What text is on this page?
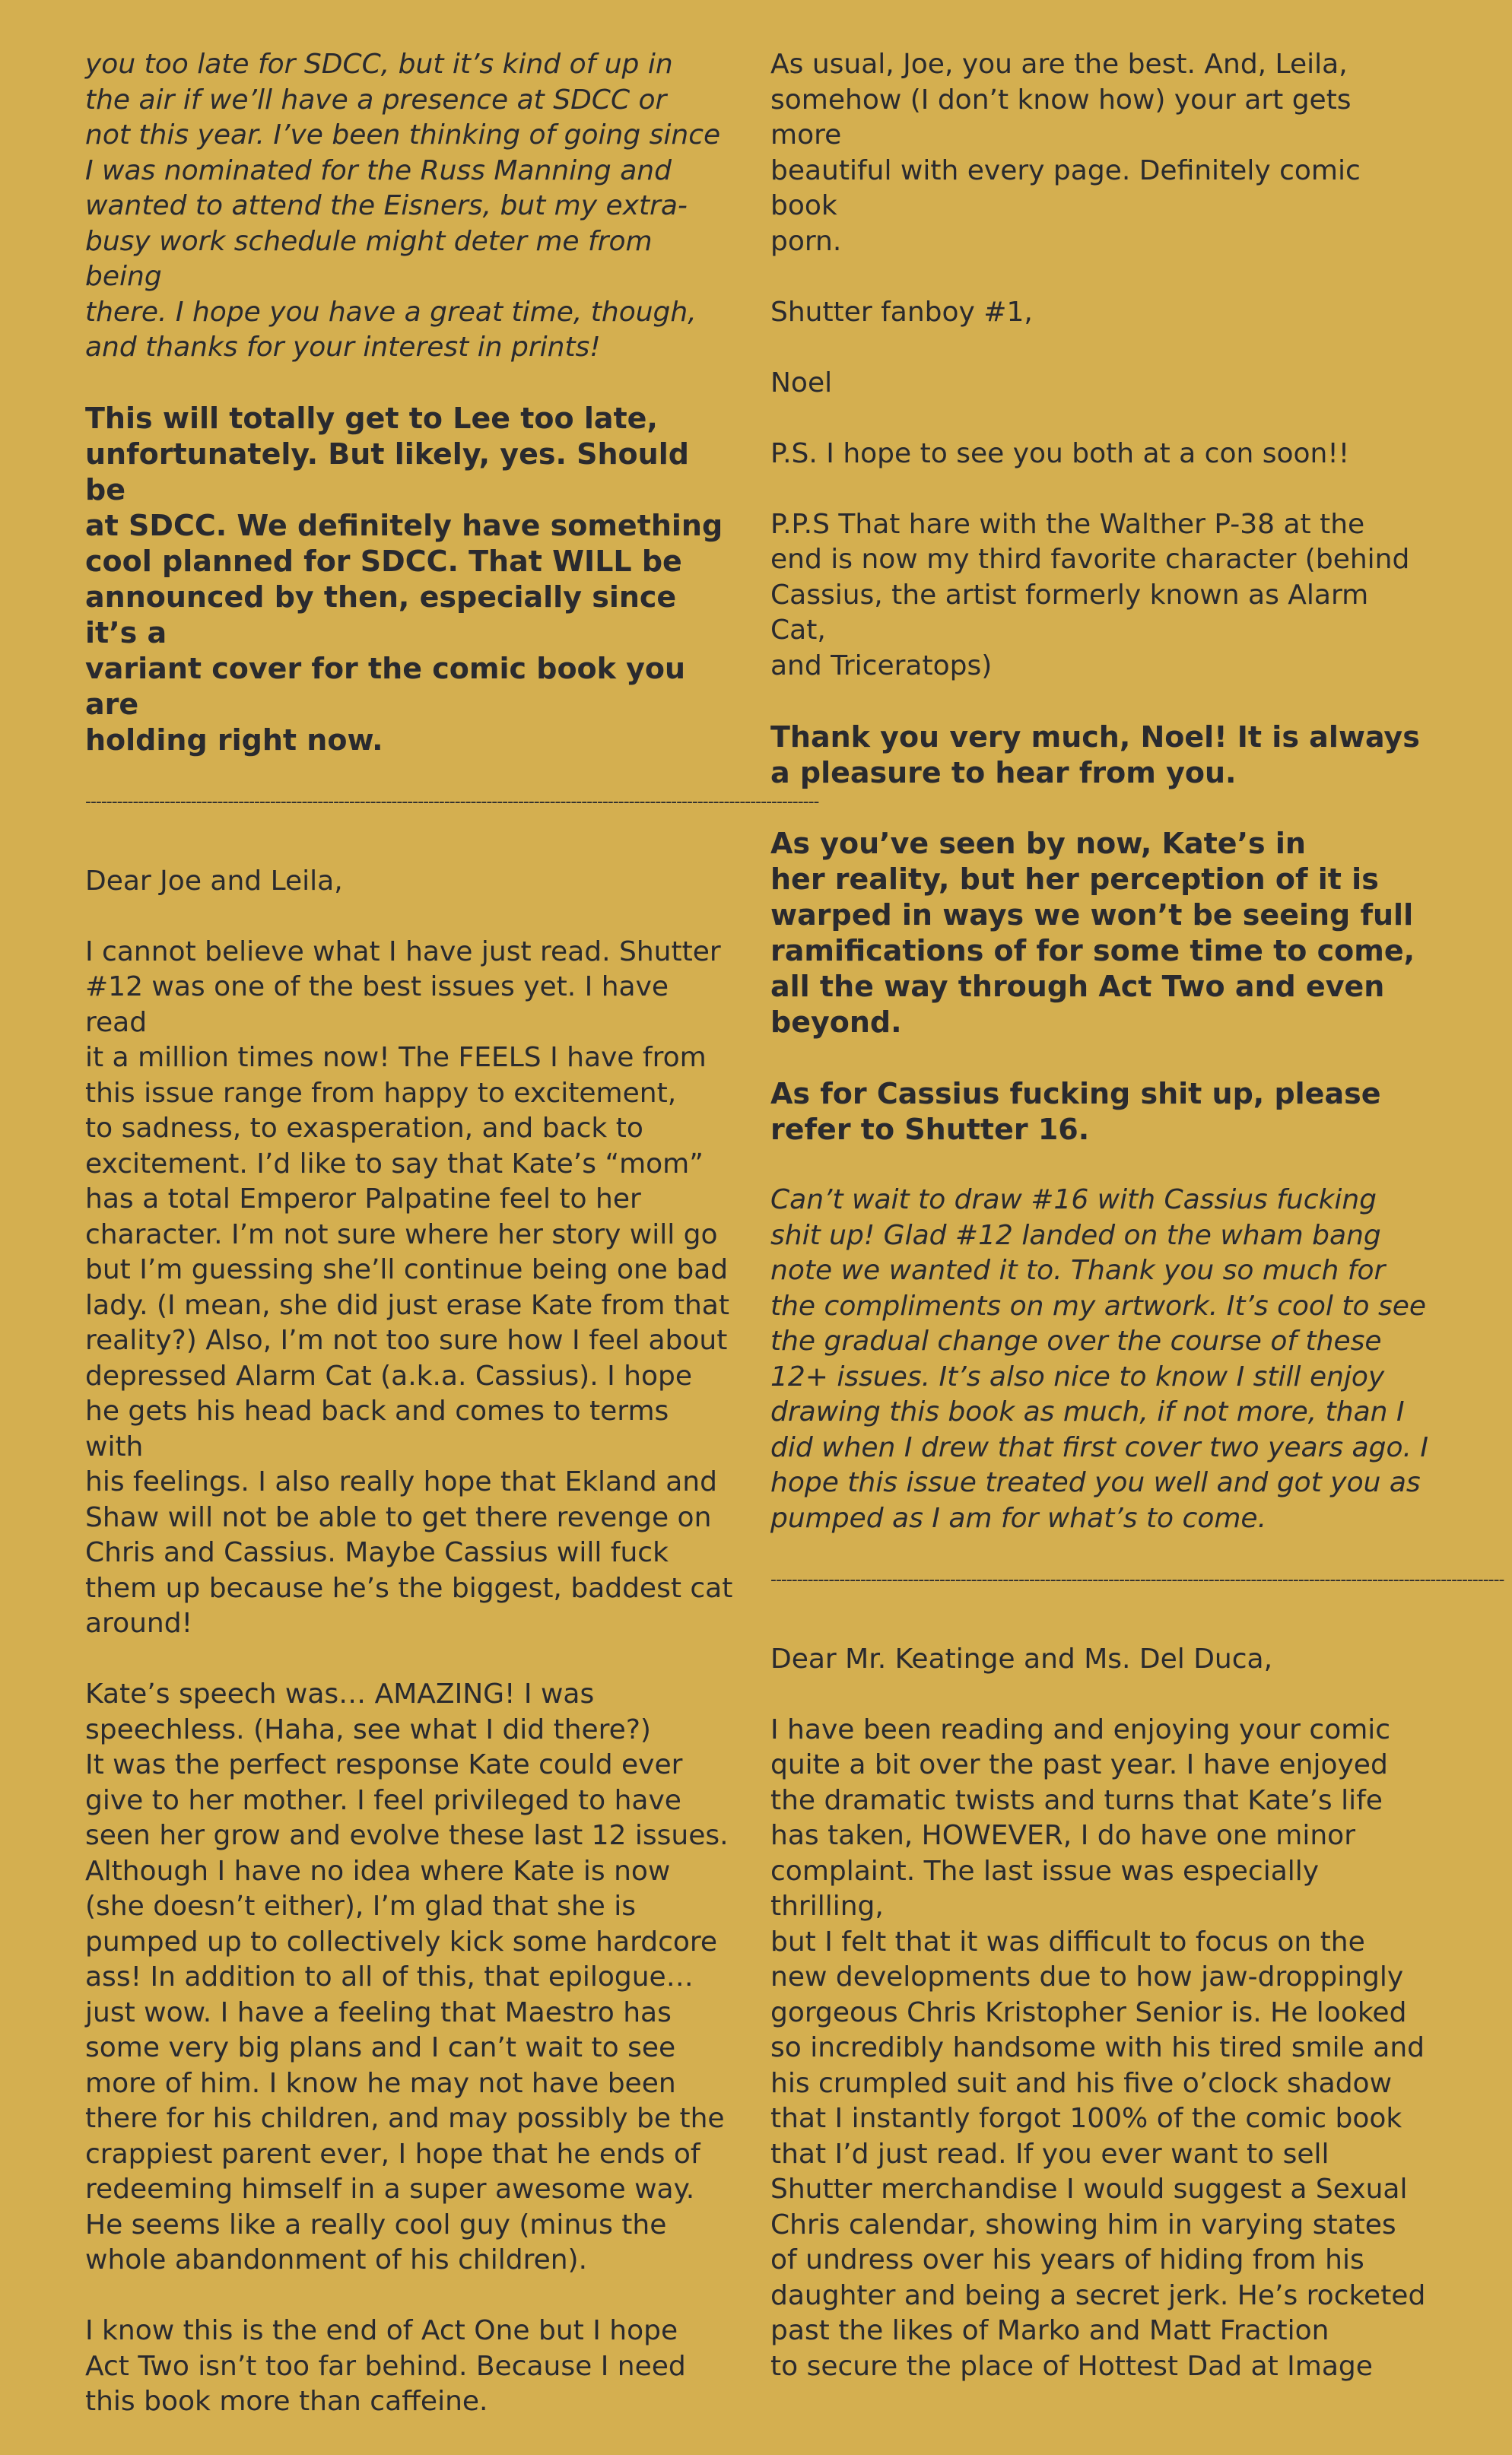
you too late for SDCC, but it’s kind of up in
the air if we’ll have a presence at SDCC or
not this year. I’ve been thinking of going since
I was nominated for the Russ Manning and
wanted to attend the Eisners, but my extra-
busy work schedule might deter me from being
there. I hope you have a great time, though,
and thanks for your interest in prints!

This will totally get to Lee too late,
unfortunately. But likely, yes. Should be
at SDCC. We definitely have something
cool planned for SDCC. That WILL be
announced by then, especially since it’s a
variant cover for the comic book you are
holding right now.

-------------------------------------------------------------------------------------------------------------------------------------------

Dear Joe and Leila,

I cannot believe what I have just read. Shutter
#12 was one of the best issues yet. I have read
it a million times now! The FEELS I have from
this issue range from happy to excitement,
to sadness, to exasperation, and back to
excitement. I’d like to say that Kate’s “mom”
has a total Emperor Palpatine feel to her
character. I’m not sure where her story will go
but I’m guessing she’ll continue being one bad
lady. (I mean, she did just erase Kate from that
reality?) Also, I’m not too sure how I feel about
depressed Alarm Cat (a.k.a. Cassius). I hope
he gets his head back and comes to terms with
his feelings. I also really hope that Ekland and
Shaw will not be able to get there revenge on
Chris and Cassius. Maybe Cassius will fuck
them up because he’s the biggest, baddest cat
around!

Kate’s speech was… AMAZING! I was
speechless. (Haha, see what I did there?)
It was the perfect response Kate could ever
give to her mother. I feel privileged to have
seen her grow and evolve these last 12 issues.
Although I have no idea where Kate is now
(she doesn’t either), I’m glad that she is
pumped up to collectively kick some hardcore
ass! In addition to all of this, that epilogue…
just wow. I have a feeling that Maestro has
some very big plans and I can’t wait to see
more of him. I know he may not have been
there for his children, and may possibly be the
crappiest parent ever, I hope that he ends of
redeeming himself in a super awesome way.
He seems like a really cool guy (minus the
whole abandonment of his children).

I know this is the end of Act One but I hope
Act Two isn’t too far behind. Because I need
this book more than caffeine.

As usual, Joe, you are the best. And, Leila,
somehow (I don’t know how) your art gets more
beautiful with every page. Definitely comic book
porn.

Shutter fanboy #1,

Noel

P.S. I hope to see you both at a con soon!!

P.P.S That hare with the Walther P-38 at the
end is now my third favorite character (behind
Cassius, the artist formerly known as Alarm Cat,
and Triceratops)

Thank you very much, Noel! It is always
a pleasure to hear from you.

As you’ve seen by now, Kate’s in
her reality, but her perception of it is
warped in ways we won’t be seeing full
ramifications of for some time to come,
all the way through Act Two and even
beyond.

As for Cassius fucking shit up, please
refer to Shutter 16.

Can’t wait to draw #16 with Cassius fucking
shit up! Glad #12 landed on the wham bang
note we wanted it to. Thank you so much for
the compliments on my artwork. It’s cool to see
the gradual change over the course of these
12+ issues. It’s also nice to know I still enjoy
drawing this book as much, if not more, than I
did when I drew that first cover two years ago. I
hope this issue treated you well and got you as
pumped as I am for what’s to come.

-------------------------------------------------------------------------------------------------------------------------------------------

Dear Mr. Keatinge and Ms. Del Duca,

I have been reading and enjoying your comic
quite a bit over the past year. I have enjoyed
the dramatic twists and turns that Kate’s life
has taken, HOWEVER, I do have one minor
complaint. The last issue was especially thrilling,
but I felt that it was difficult to focus on the
new developments due to how jaw-droppingly
gorgeous Chris Kristopher Senior is. He looked
so incredibly handsome with his tired smile and
his crumpled suit and his five o’clock shadow
that I instantly forgot 100% of the comic book
that I’d just read. If you ever want to sell
Shutter merchandise I would suggest a Sexual
Chris calendar, showing him in varying states
of undress over his years of hiding from his
daughter and being a secret jerk. He’s rocketed
past the likes of Marko and Matt Fraction
to secure the place of Hottest Dad at Image
